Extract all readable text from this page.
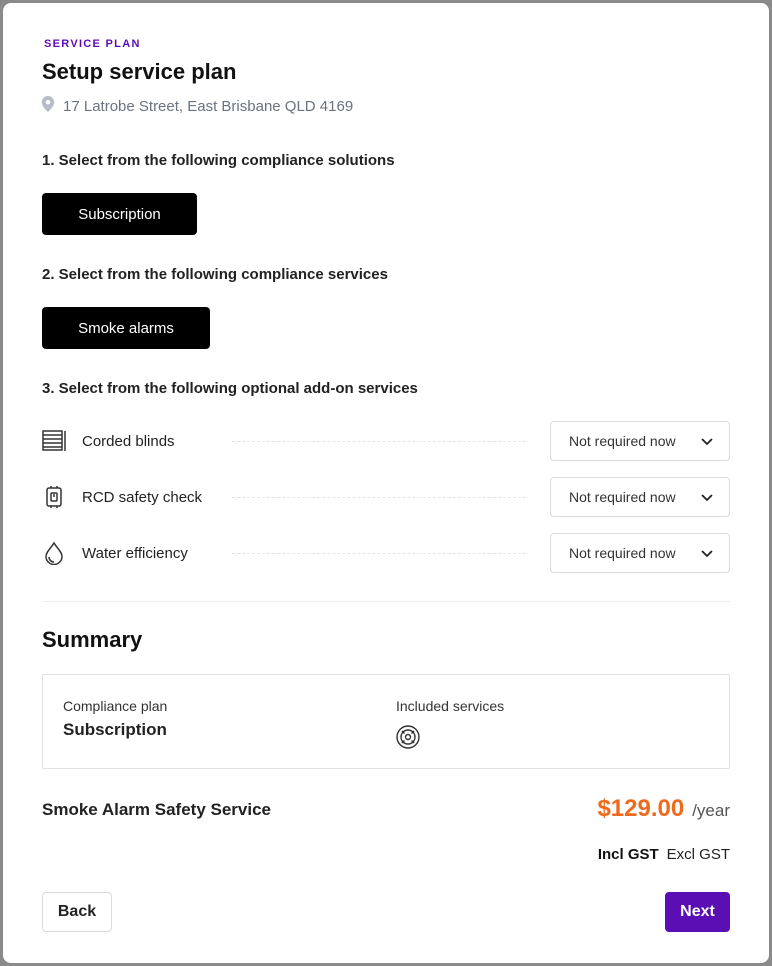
SERVICE PLAN
Setup service plan
17 Latrobe Street, East Brisbane QLD 4169
1. Select from the following compliance solutions
Subscription
2. Select from the following compliance services
Smoke alarms
3. Select from the following optional add-on services
Corded blinds	Not required now
RCD safety check	Not required now
Water efficiency	Not required now
Summary
Compliance plan
Subscription
Included services
Smoke Alarm Safety Service	$129.00 /year
Incl GST Excl GST
Back	Next
